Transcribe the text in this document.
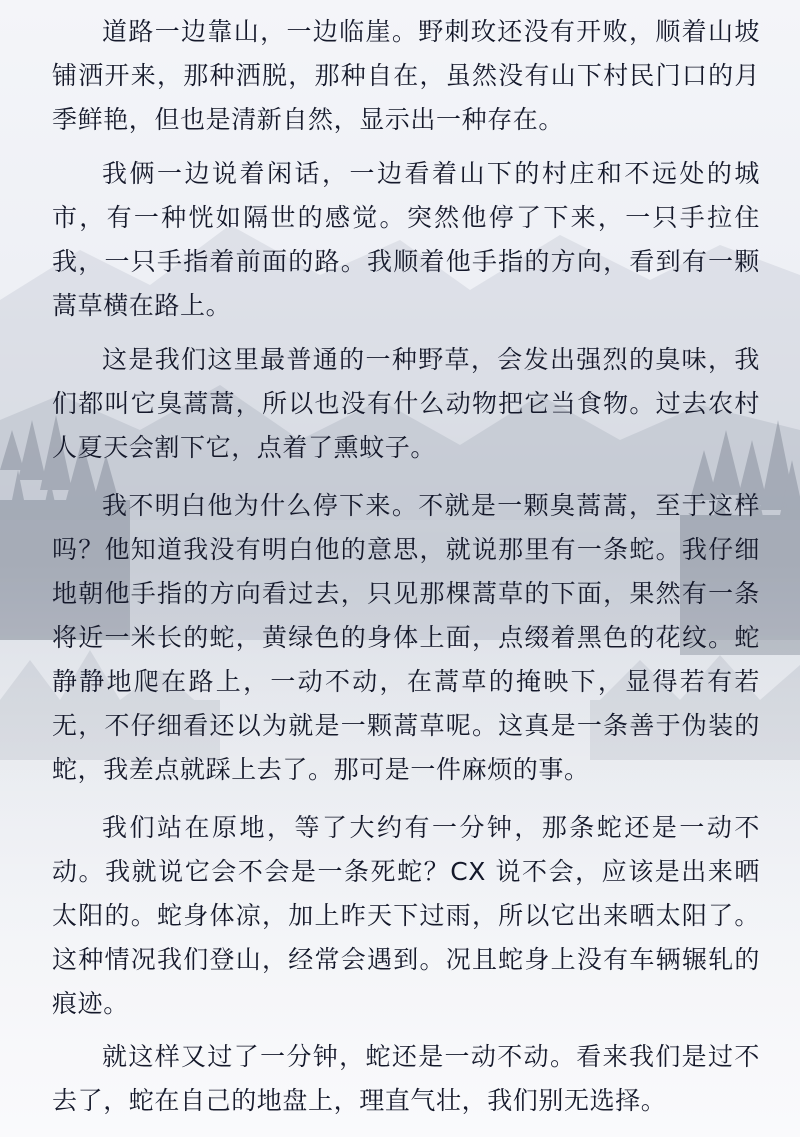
道路一边靠山，一边临崖。野刺玫还没有开败，顺着山坡铺洒开来，那种洒脱，那种自在，虽然没有山下村民门口的月季鲜艳，但也是清新自然，显示出一种存在。

我俩一边说着闲话，一边看着山下的村庄和不远处的城市，有一种恍如隔世的感觉。突然他停了下来，一只手拉住我，一只手指着前面的路。我顺着他手指的方向，看到有一颗蒿草横在路上。

这是我们这里最普通的一种野草，会发出强烈的臭味，我们都叫它臭蒿蒿，所以也没有什么动物把它当食物。过去农村人夏天会割下它，点着了熏蚊子。

我不明白他为什么停下来。不就是一颗臭蒿蒿，至于这样吗？他知道我没有明白他的意思，就说那里有一条蛇。我仔细地朝他手指的方向看过去，只见那棵蒿草的下面，果然有一条将近一米长的蛇，黄绿色的身体上面，点缀着黑色的花纹。蛇静静地爬在路上，一动不动，在蒿草的掩映下，显得若有若无，不仔细看还以为就是一颗蒿草呢。这真是一条善于伪装的蛇，我差点就踩上去了。那可是一件麻烦的事。

我们站在原地，等了大约有一分钟，那条蛇还是一动不动。我就说它会不会是一条死蛇？CX 说不会，应该是出来晒太阳的。蛇身体凉，加上昨天下过雨，所以它出来晒太阳了。这种情况我们登山，经常会遇到。况且蛇身上没有车辆辗轧的痕迹。

就这样又过了一分钟，蛇还是一动不动。看来我们是过不去了，蛇在自己的地盘上，理直气壮，我们别无选择。
